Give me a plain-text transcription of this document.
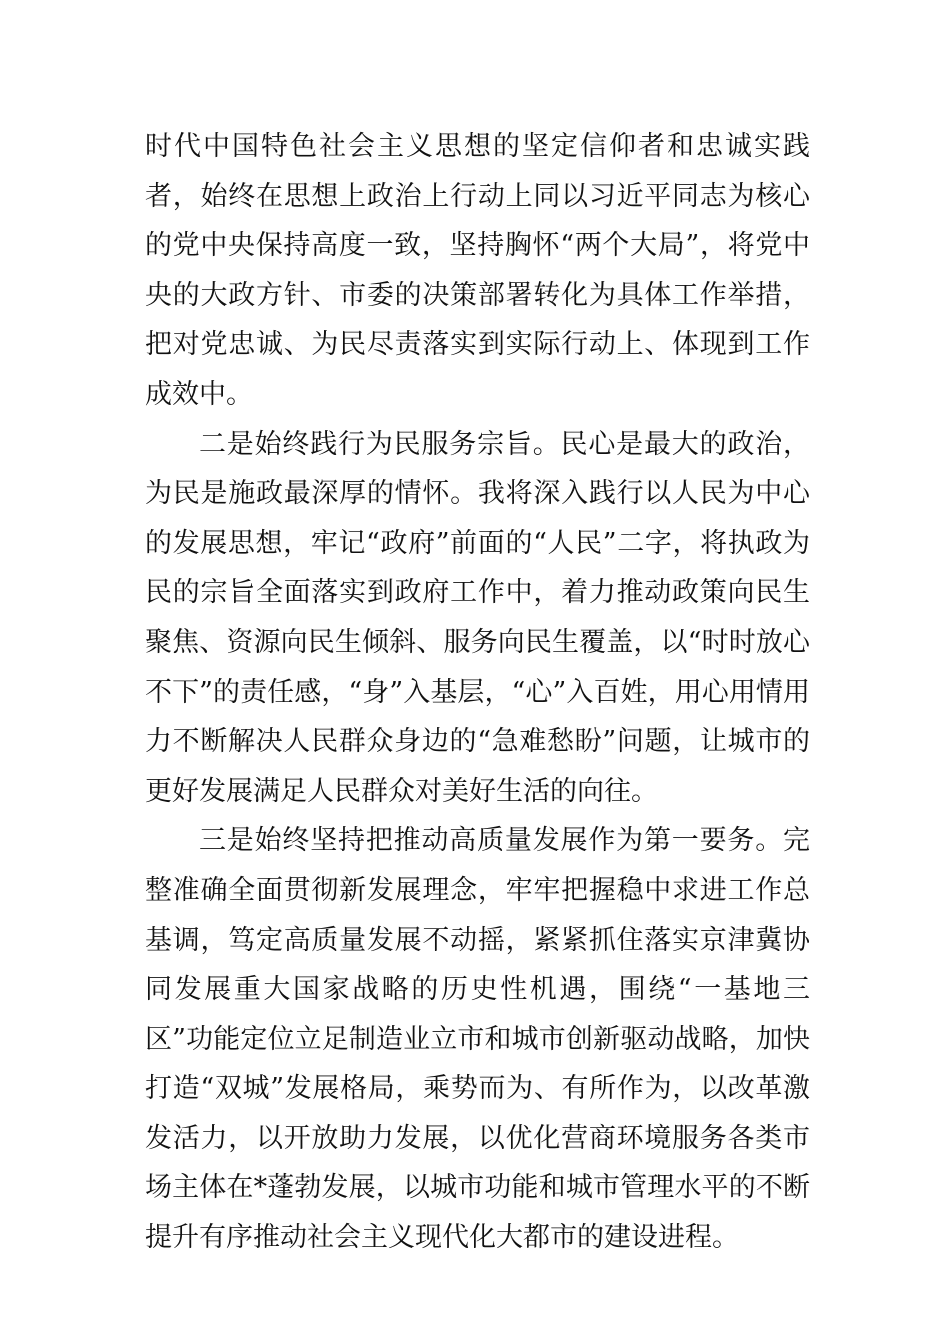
时代中国特色社会主义思想的坚定信仰者和忠诚实践者，始终在思想上政治上行动上同以习近平同志为核心的党中央保持高度一致，坚持胸怀“两个大局”，将党中央的大政方针、市委的决策部署转化为具体工作举措，把对党忠诚、为民尽责落实到实际行动上、体现到工作成效中。

二是始终践行为民服务宗旨。民心是最大的政治，为民是施政最深厚的情怀。我将深入践行以人民为中心的发展思想，牢记“政府”前面的“人民”二字，将执政为民的宗旨全面落实到政府工作中，着力推动政策向民生聚焦、资源向民生倾斜、服务向民生覆盖，以“时时放心不下”的责任感，“身”入基层，“心”入百姓，用心用情用力不断解决人民群众身边的“急难愁盼”问题，让城市的更好发展满足人民群众对美好生活的向往。

三是始终坚持把推动高质量发展作为第一要务。完整准确全面贯彻新发展理念，牢牢把握稳中求进工作总基调，笃定高质量发展不动摇，紧紧抓住落实京津冀协同发展重大国家战略的历史性机遇，围绕“一基地三区”功能定位立足制造业立市和城市创新驱动战略，加快打造“双城”发展格局，乘势而为、有所作为，以改革激发活力，以开放助力发展，以优化营商环境服务各类市场主体在*蓬勃发展，以城市功能和城市管理水平的不断提升有序推动社会主义现代化大都市的建设进程。
